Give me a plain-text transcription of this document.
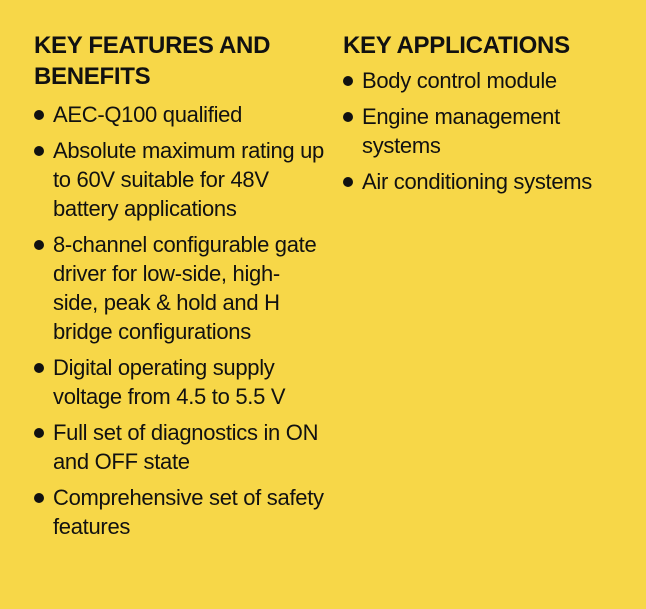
KEY FEATURES AND BENEFITS
AEC-Q100 qualified
Absolute maximum rating up to 60V suitable for 48V battery applications
8-channel configurable gate driver for low-side, high-side, peak & hold and H bridge configurations
Digital operating supply voltage from 4.5 to 5.5 V
Full set of diagnostics in ON and OFF state
Comprehensive set of safety features
KEY APPLICATIONS
Body control module
Engine management systems
Air conditioning systems
